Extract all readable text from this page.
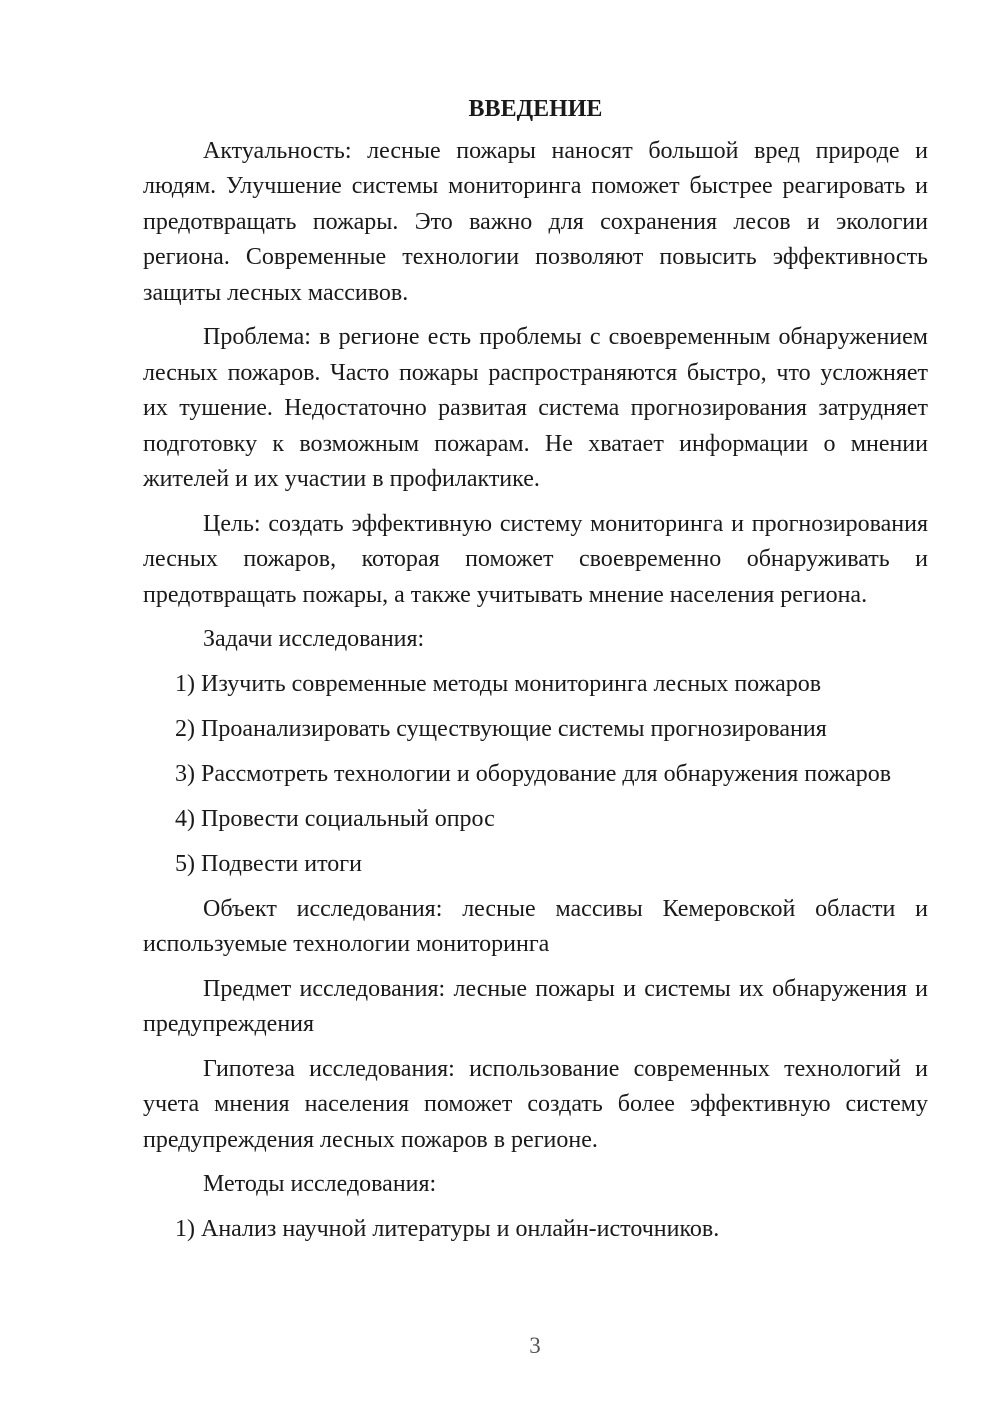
ВВЕДЕНИЕ

Актуальность: лесные пожары наносят большой вред природе и людям. Улучшение системы мониторинга поможет быстрее реагировать и предотвращать пожары. Это важно для сохранения лесов и экологии региона. Современные технологии позволяют повысить эффективность защиты лесных массивов.

Проблема: в регионе есть проблемы с своевременным обнаружением лесных пожаров. Часто пожары распространяются быстро, что усложняет их тушение. Недостаточно развитая система прогнозирования затрудняет подготовку к возможным пожарам. Не хватает информации о мнении жителей и их участии в профилактике.

Цель: создать эффективную систему мониторинга и прогнозирования лесных пожаров, которая поможет своевременно обнаруживать и предотвращать пожары, а также учитывать мнение населения региона.

Задачи исследования:

1) Изучить современные методы мониторинга лесных пожаров
2) Проанализировать существующие системы прогнозирования
3) Рассмотреть технологии и оборудование для обнаружения пожаров
4) Провести социальный опрос
5) Подвести итоги

Объект исследования: лесные массивы Кемеровской области и используемые технологии мониторинга

Предмет исследования: лесные пожары и системы их обнаружения и предупреждения

Гипотеза исследования: использование современных технологий и учета мнения населения поможет создать более эффективную систему предупреждения лесных пожаров в регионе.

Методы исследования:

1) Анализ научной литературы и онлайн-источников.
3
